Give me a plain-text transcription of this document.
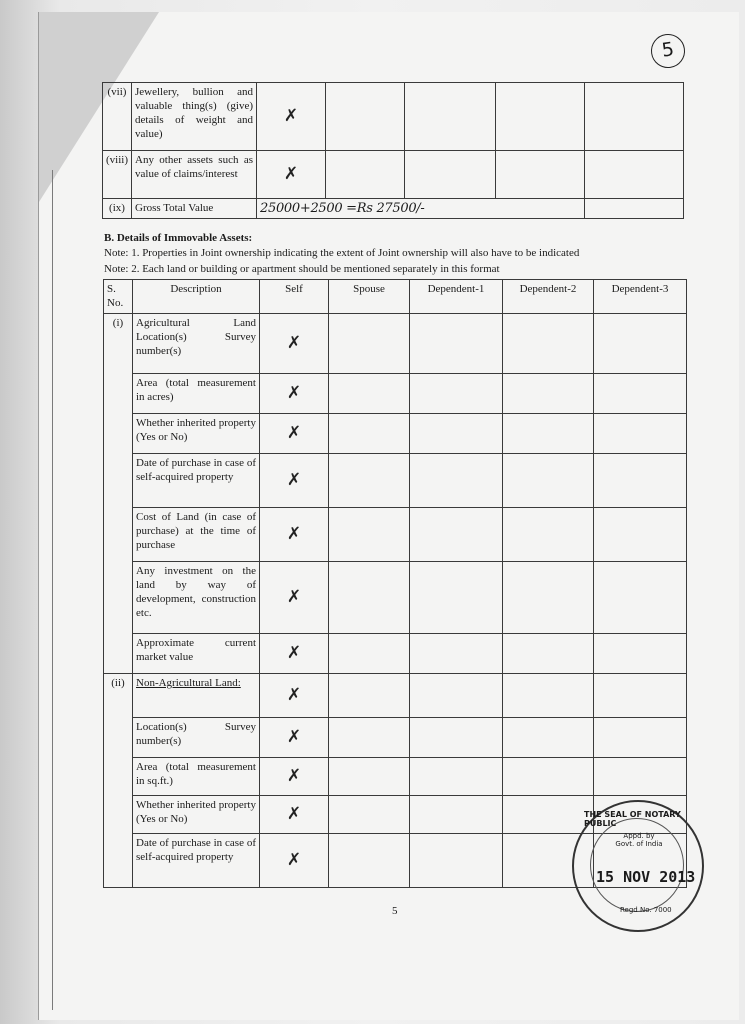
5
(vii)	Jewellery, bullion and valuable thing(s) (give) details of weight and value)	✗				
(viii)	Any other assets such as value of claims/interest	✗				
(ix)	Gross Total Value	25000+2500 =Rs 27500/-				
B. Details of Immovable Assets:
Note: 1. Properties in Joint ownership indicating the extent of Joint ownership will also have to be indicated
Note: 2. Each land or building or apartment should be mentioned separately in this format
S. No.	Description	Self	Spouse	Dependent-1	Dependent-2	Dependent-3
(i)	Agricultural Land Location(s) Survey number(s)	✗				
	Area (total measurement in acres)	✗				
	Whether inherited property (Yes or No)	✗				
	Date of purchase in case of self-acquired property	✗				
	Cost of Land (in case of purchase) at the time of purchase	✗				
	Any investment on the land by way of development, construction etc.	✗				
	Approximate current market value	✗				
(ii)	Non-Agricultural Land:	✗				
	Location(s) Survey number(s)	✗				
	Area (total measurement in sq.ft.)	✗				
	Whether inherited property (Yes or No)	✗				
	Date of purchase in case of self-acquired property	✗				
5
THE SEAL OF NOTARY PUBLIC
Appd. by Govt. of India
15 NOV 2013
Regd No. 7000
